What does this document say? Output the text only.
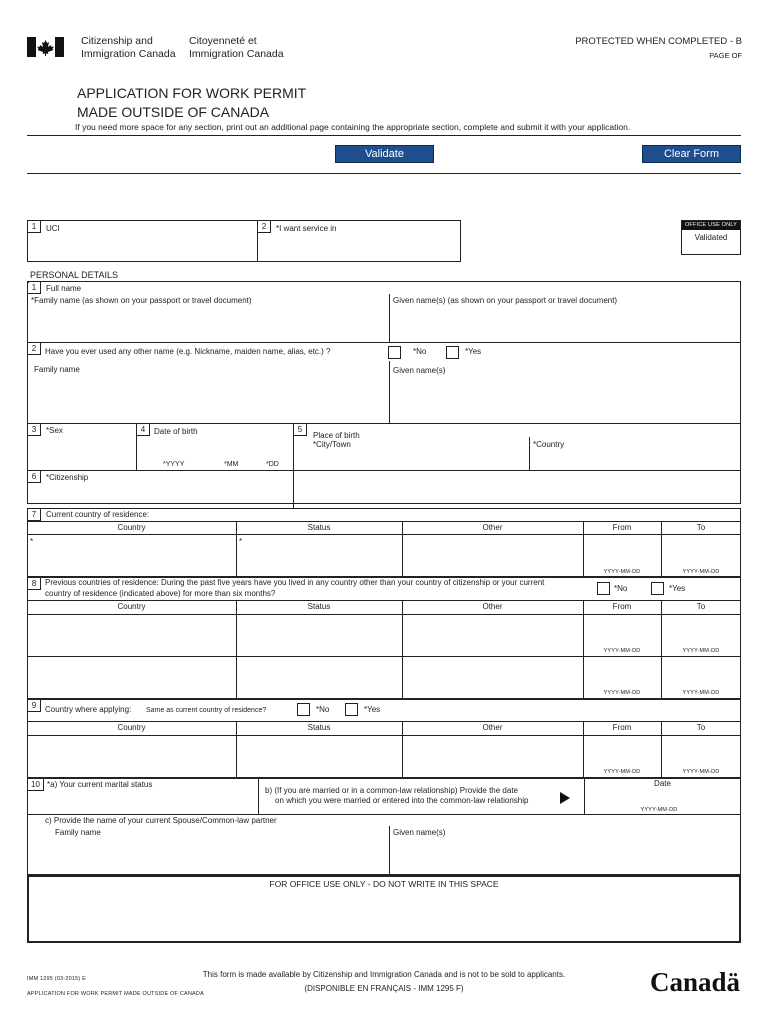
Citizenship and
Immigration Canada
Citoyenneté et
Immigration Canada
PROTECTED WHEN COMPLETED - B
PAGE OF
APPLICATION FOR WORK PERMIT
MADE OUTSIDE OF CANADA
If you need more space for any section, print out an additional page containing the appropriate section, complete and submit it with your application.
Validate	Clear Form
1	UCI	2	*I want service in	OFFICE USE ONLY
Validated
PERSONAL DETAILS
1	Full name
*Family name (as shown on your passport or travel document)	Given name(s) (as shown on your passport or travel document)
2	Have you ever used any other name (e.g. Nickname, maiden name, alias, etc.) ?	*No	*Yes
Family name	Given name(s)
3	*Sex	4	Date of birth
*YYYY	*MM	*DD
5
Place of birth
*City/Town	*Country
6	*Citizenship
7	Current country of residence:
Country	Status	Other	From	To
*	*
YYYY-MM-DD	YYYY-MM-DD
8	Previous countries of residence: During the past five years have you lived in any country other than your country of citizenship or your current
country of residence (indicated above) for more than six months?
*No	*Yes
Country	Status	Other	From	To
YYYY-MM-DD	YYYY-MM-DD
YYYY-MM-DD	YYYY-MM-DD
9	Country where applying: Same as current country of residence?	*No	*Yes
Country	Status	Other	From	To
YYYY-MM-DD	YYYY-MM-DD
10 *a) Your current marital status
b) (If you are married or in a common-law relationship) Provide the date
on which you were married or entered into the common-law relationship
Date
YYYY-MM-DD
c) Provide the name of your current Spouse/Common-law partner
Family name	Given name(s)
FOR OFFICE USE ONLY - DO NOT WRITE IN THIS SPACE
IMM 1295 (03-2015) E
APPLICATION FOR WORK PERMIT MADE OUTSIDE OF CANADA
This form is made available by Citizenship and Immigration Canada and is not to be sold to applicants.
(DISPONIBLE EN FRANÇAIS - IMM 1295 F)	Canadä
